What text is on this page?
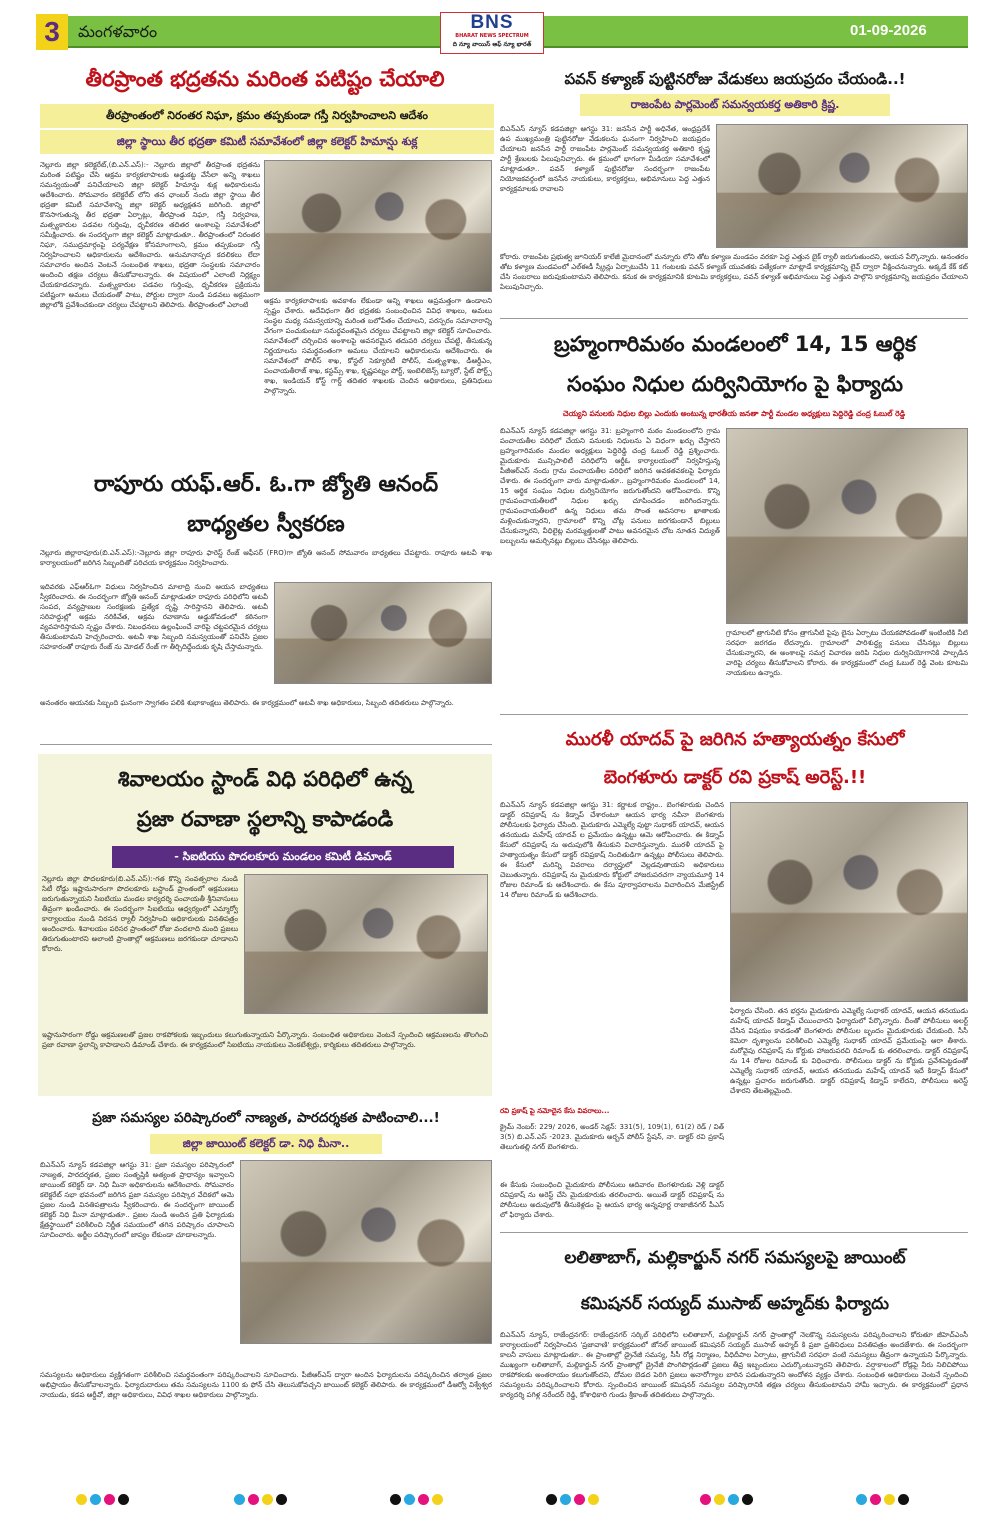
3	మంగళవారం	BNS
BHARAT NEWS SPECTRUM
ది న్యూ వాయిస్ ఆఫ్ న్యూ భారత్
01-09-2026
తీరప్రాంత భద్రతను మరింత పటిష్టం చేయాలి
తీరప్రాంతంలో నిరంతర నిఘా, క్రమం తప్పకుండా గస్తీ నిర్వహించాలని ఆదేశం
జిల్లా స్థాయి తీర భద్రతా కమిటీ సమావేశంలో జిల్లా కలెక్టర్ హిమాన్షు శుక్ల
నెల్లూరు జిల్లా కలెక్టరేట్,(బి.ఎన్.ఎస్):- నెల్లూరు జిల్లాలో తీరప్రాంత భద్రతను మరింత పటిష్టం చేసి అక్రమ కార్యకలాపాలకు అడ్డుకట్ట వేసేలా అన్ని శాఖలు సమన్వయంతో పనిచేయాలని జిల్లా కలెక్టర్ హిమాన్షు శుక్ల అధికారులను ఆదేశించారు. సోమవారం కలెక్టరేట్ లోని తన ఛాంబర్ నందు జిల్లా స్థాయి తీర భద్రతా కమిటీ సమావేశాన్ని జిల్లా కలెక్టర్ అధ్యక్షతన జరిగింది. జిల్లాలో కొనసాగుతున్న తీర భద్రతా ఏర్పాట్లు, తీరప్రాంత నిఘా, గస్తీ నిర్వహణ, మత్స్యకారుల పడవల గుర్తింపు, ధృవీకరణ తదితర అంశాలపై సమావేశంలో సమీక్షించారు. ఈ సందర్భంగా జిల్లా కలెక్టర్ మాట్లాడుతూ.. తీరప్రాంతంలో నిరంతర నిఘా, సముద్రమార్గంపై పర్యవేక్షణ కోసమాంగాలని, క్రమం తప్పకుండా గస్తీ నిర్వహించాలని అధికారులను ఆదేశించారు. అనుమానాస్పద కదలికలు లేదా సమాచారం అందిన వెంటనే సంబంధిత శాఖలు, భద్రతా సంస్థలకు సమాచారం అందించి తక్షణ చర్యలు తీసుకోవాలన్నారు. ఈ విషయంలో ఎలాంటి నిర్లక్ష్యం చేయకూడదన్నారు. మత్స్యకారుల పడవల గుర్తింపు, ధృవీకరణ ప్రక్రియను పటిష్టంగా అమలు చేయడంతో పాటు, పోర్టుల ద్వారా నుండి పడవలు అక్రమంగా జిల్లాలోకి ప్రవేశించకుండా చర్యలు చేపట్టాలని తెలిపారు. తీరప్రాంతంలో ఎలాంటి	అక్రమ కార్యకలాపాలకు అవకాశం లేకుండా అన్ని శాఖలు అప్రమత్తంగా ఉండాలని స్పష్టం చేశారు. అదేవిధంగా తీర భద్రతకు సంబంధించిన వివిధ శాఖలు, అమలు సంస్థల మధ్య సమన్వయాన్ని మరింత బలోపేతం చేయాలని, పరస్పరం సమాచారాన్ని వేగంగా పంచుకుంటూ సమర్థవంతమైన చర్యలు చేపట్టాలని జిల్లా కలెక్టర్ సూచించారు. సమావేశంలో చర్చించిన అంశాలపై అవసరమైన తదుపరి చర్యలు చేపట్టి, తీసుకున్న నిర్ణయాలను సమర్థవంతంగా అమలు చేయాలని అధికారులను ఆదేశించారు. ఈ సమావేశంలో పోలీస్ శాఖ, కోస్టల్ సెక్యూరిటీ పోలీస్, మత్స్యశాఖ, డీఆర్డీఎం, పంచాయతీరాజ్ శాఖ, కస్టమ్స్ శాఖ, కృష్ణపట్నం పోర్ట్, ఇంటెలిజెన్స్ బ్యూరో, స్టేట్ పోర్ట్స్ శాఖ, ఇండియన్ కోస్ట్ గార్డ్ తదితర శాఖలకు చెందిన అధికారులు, ప్రతినిధులు పాల్గొన్నారు.
పవన్ కళ్యాణ్ పుట్టినరోజు వేడుకలు జయప్రదం చేయండి..!
రాజంపేట పార్లమెంట్ సమన్వయకర్త అతికారి క్రిష్ణ.
బిఎన్ఎస్ న్యూస్ కడపజిల్లా ఆగస్టు 31: జనసేన పార్టీ అధినేత, ఆంధ్రప్రదేశ్ ఉప ముఖ్యమంత్రి పుట్టినరోజు వేడుకలను ఘనంగా నిర్వహించి జయప్రదం చేయాలని జనసేన పార్టీ రాజంపేట పార్లమెంట్ సమన్వయకర్త అతికారి కృష్ణ పార్టీ శ్రేణులకు పిలుపునిచ్చారు. ఈ క్రమంలో భాగంగా మీడియా సమావేశంలో మాట్లాడుతూ.. పవన్ కళ్యాణ్ పుట్టినరోజు సందర్భంగా రాజంపేట నియోజకవర్గంలో జనసేన నాయకులు, కార్యకర్తలు, అభిమానులు పెద్ద ఎత్తున కార్యక్రమాలకు రావాలని
కోరారు. రాజంపేట ప్రభుత్వ జూనియర్ కాలేజీ మైదానంలో మన్నూరు లోని తోట కళ్యాణ మండపం వరకూ పెద్ద ఎత్తున బైక్ ర్యాలీ జరుగుతుందని, ఆయన పేర్కొన్నారు. అనంతరం తోట కళ్యాణ మండపంలో ఎల్ఈడీ స్క్రీన్లు ఏర్పాటుచేసి 11 గంటలకు పవన్ కళ్యాణ్ యువతకు పత్యేకంగా మాట్లాడే కార్యక్రమాన్ని లైవ్ ద్వారా వీక్షించనున్నారు. అక్కడే కేక్ కట్ చేసి సంబరాలు జరుపుకుంటామని తెలిపారు. కనుక ఈ కార్యక్రమానికి కూటమి కార్యకర్తలు, పవన్ కళ్యాణ్ అభిమానులు పెద్ద ఎత్తున పాల్గొని కార్యక్రమాన్ని జయప్రదం చేయాలని పిలుపునిచ్చారు.
బ్రహ్మంగారిమఠం మండలంలో 14, 15 ఆర్థిక
సంఘం నిధుల దుర్వినియోగం పై ఫిర్యాదు
చెయ్యని పనులకు నిధుల బిల్లు ఎందుకు అంటున్న భారతీయ జనతా పార్టీ మండల అధ్యక్షులు పెద్దిరెడ్డి చంద్ర ఓబుల్ రెడ్డి
బిఎన్ఎస్ న్యూస్ కడపజిల్లా ఆగస్టు 31: బ్రహ్మంగారి మఠం మండలంలోని గ్రామ పంచాయతీల పరిధిలో చేయని పనులకు నిధులను ఏ విధంగా ఖర్చు చేస్తారని బ్రహ్మంగారిమఠం మండల అధ్యక్షులు పెద్దిరెడ్డి చంద్ర ఓబుల్ రెడ్డి ప్రశ్నించారు. మైదుకూరు మున్సిపాలిటీ పరిధిలోని ఆర్డీఓ కార్యాలయంలో నిర్వహిస్తున్న పీజీఆర్ఎస్ నందు గ్రామ పంచాయతీల పరిధిలో జరిగిన అవకతవకలపై ఫిర్యాదు చేశారు. ఈ సందర్భంగా వారు మాట్లాడుతూ.. బ్రహ్మంగారిమఠం మండలంలో 14, 15 ఆర్థిక సంఘం నిధుల దుర్వినియోగం జరుగుతోందని ఆరోపించారు. కొన్ని గ్రామపంచాయతీలలో నిధుల ఖర్చు చూపించడం జరిగిందన్నారు. గ్రామపంచాయతీలలో ఉన్న నిధులు తమ సొంత అవసరాల ఖాతాలకు మళ్లించుకున్నారని, గ్రామాలలో కొన్ని చోట్ల పనులు జరగకుండానే బిల్లులు చేసుకున్నారని, వీధిలైట్ల మరమ్మత్తులతో పాటు అవసరమైన చోట నూతన విద్యుత్ బల్బులను అమర్చినట్లు బిల్లులు చేసినట్లు తెలిపారు.
గ్రామాలలో త్రాగునీటి కోసం త్రాగునీటి పైపు లైను ఏర్పాటు చేయకపోవడంతో ఇంటింటికి నీటి సరఫరా జరగడం లేదన్నారు. గ్రామాలలో పారిశుద్ధ్య పనులు చేసినట్లు బిల్లులు చేసుకున్నారని, ఈ అంశాలపై సమగ్ర విచారణ జరిపి నిధుల దుర్వినియోగానికి పాల్పడిన వారిపై చర్యలు తీసుకోవాలని కోరారు. ఈ కార్యక్రమంలో చంద్ర ఓబుల్ రెడ్డి వెంట కూటమి నాయకులు ఉన్నారు.
రాపూరు యఫ్.ఆర్. ఓ.గా జ్యోతి ఆనంద్
బాధ్యతల స్వీకరణ
నెల్లూరు జిల్లారాపూరు(బి.ఎన్.ఎస్):-నెల్లూరు జిల్లా రాపూరు ఫారెస్ట్ రేంజ్ ఆఫీసర్ (FRO)గా జ్యోతి ఆనంద్ సోమవారం బాధ్యతలు చేపట్టారు. రాపూరు అటవీ శాఖ కార్యాలయంలో జరిగిన సిబ్బందితో పరిచయ కార్యక్రమం నిర్వహించారు.
ఇదివరకు ఎఫ్ఆర్ఓగా విధులు నిర్వహించిన మాలాద్రి నుంచి ఆయన బాధ్యతలు స్వీకరించారు. ఈ సందర్భంగా జ్యోతి ఆనంద్ మాట్లాడుతూ రాపూరు పరిధిలోని అటవీ సంపద, వన్యప్రాణుల సంరక్షణకు ప్రత్యేక దృష్టి సారిస్తానని తెలిపారు. అటవీ సరిహద్దుల్లో అక్రమ నరికివేత, అక్రమ రవాణాను అడ్డుకోవడంలో కఠినంగా వ్యవహరిస్తామని స్పష్టం చేశారు. నిబంధనలు ఉల్లంఘించే వారిపై చట్టపరమైన చర్యలు తీసుకుంటామని హెచ్చరించారు. అటవీ శాఖ సిబ్బంది సమన్వయంతో పనిచేసి ప్రజల సహకారంతో రాపూరు రేంజ్ ను మోడల్ రేంజ్ గా తీర్చిదిద్దేందుకు కృషి చేస్తామన్నారు.
అనంతరం ఆయనకు సిబ్బంది ఘనంగా స్వాగతం పలికి శుభాకాంక్షలు తెలిపారు. ఈ కార్యక్రమంలో అటవీ శాఖ అధికారులు, సిబ్బంది తదితరులు పాల్గొన్నారు.
శివాలయం స్టాండ్ విధి పరిధిలో ఉన్న
ప్రజా రవాణా స్థలాన్ని కాపాడండి
- సిఐటియు పొదలకూరు మండలం కమిటీ డిమాండ్
నెల్లూరు జిల్లా పొదలకూరు(బి.ఎన్.ఎస్):-గత కొన్ని సంవత్సరాల నుండి సిటీ రోడ్డు ఇష్టానుసారంగా పొదలకూరు బస్టాండ్ ప్రాంతంలో ఆక్రమణలు జరుగుతున్నాయని సిఐటియు మండల కార్యదర్శి పంచాయతీ శ్రీనివాసులు తీవ్రంగా ఖండించారు. ఈ సందర్భంగా సిఐటియు ఆధ్వర్యంలో ఎమ్మార్వో కార్యాలయం నుండి నిరసన ర్యాలీ నిర్వహించి అధికారులకు వినతిపత్రం అందించారు. శివాలయం పరిసర ప్రాంతంలో రోజు వందలాది మంది ప్రజలు తిరుగుతుంటారని అలాంటి ప్రాంతాల్లో ఆక్రమణలు జరగకుండా చూడాలని కోరారు.
ఇష్టానుసారంగా రోడ్డు ఆక్రమణలతో ప్రజల రాకపోకలకు ఇబ్బందులు కలుగుతున్నాయని పేర్కొన్నారు. సంబంధిత అధికారులు వెంటనే స్పందించి ఆక్రమణలను తొలగించి ప్రజా రవాణా స్థలాన్ని కాపాడాలని డిమాండ్ చేశారు. ఈ కార్యక్రమంలో సిఐటియు నాయకులు వెంకటేశ్వర్లు, కార్మికులు తదితరులు పాల్గొన్నారు.
మురళీ యాదవ్ పై జరిగిన హత్యాయత్నం కేసులో
బెంగళూరు డాక్టర్ రవి ప్రకాష్ అరెస్ట్.!!
బిఎన్ఎస్ న్యూస్ కడపజిల్లా ఆగస్టు 31: కర్ణాటక రాష్ట్రం.. బెంగళూరుకు చెందిన డాక్టర్ రవిప్రకాష్ ను కిడ్నాప్ చేశారంటూ ఆయన భార్య నవీనా బెంగళూరు పోలీసులకు ఫిర్యాదు చేసింది. మైదుకూరు ఎమ్మెల్యే పుట్టా సుధాకర్ యాదవ్, ఆయన తనయుడు మహేష్ యాదవ్ ల ప్రమేయం ఉన్నట్టు ఆమె ఆరోపించారు. ఈ కిడ్నాప్ కేసులో రవిప్రకాష్ ను అదుపులోకి తీసుకుని విచారిస్తున్నారు. మురళీ యాదవ్ పై హత్యాయత్నం కేసులో డాక్టర్ రవిప్రకాష్ నిందితుడిగా ఉన్నట్లు పోలీసులు తెలిపారు. ఈ కేసులో మరిన్ని వివరాలు దర్యాప్తులో వెల్లడవుతాయని అధికారులు చెబుతున్నారు. రవిప్రకాష్ ను మైదుకూరు కోర్టులో హాజరుపరచగా న్యాయమూర్తి 14 రోజుల రిమాండ్ కు ఆదేశించారు. ఈ కేసు పూర్వాపరాలను విచారించిన మేజిస్ట్రేట్ 14 రోజుల రిమాండ్ కు ఆదేశించారు.
ఫిర్యాదు చేసింది. తన భర్తను మైదుకూరు ఎమ్మెల్యే సుధాకర్ యాదవ్, ఆయన తనయుడు మహేష్ యాదవ్ కిడ్నాప్ చేయించారని ఫిర్యాదులో పేర్కొన్నారు. దీంతో పోలీసులు అలర్ట్ చేసిన విషయం కావడంతో బెంగళూరు పోలీసుల బృందం మైదుకూరుకు చేరుకుంది. సీసీ కెమెరా దృశ్యాలను పరిశీలించి ఎమ్మెల్యే సుధాకర్ యాదవ్ ప్రమేయంపై ఆరా తీశారు. మరోవైపు రవిప్రకాష్ ను కోర్టుకు హాజరుపరచి రిమాండ్ కు తరలించారు. డాక్టర్ రవిప్రకాష్ ను 14 రోజుల రిమాండ్ కు విధించారు. పోలీసులు డాక్టర్ ను కోర్టుకు ప్రవేశపెట్టడంతో ఎమ్మెల్యే సుధాకర్ యాదవ్, ఆయన తనయుడు మహేష్ యాదవ్ ఇదే కిడ్నాప్ కేసులో ఉన్నట్లు ప్రచారం జరుగుతోంది. డాక్టర్ రవిప్రకాష్ కిడ్నాప్ కాలేదని, పోలీసులు అరెస్ట్ చేశారని తేటతెల్లమైంది.
రవి ప్రకాష్ పై నమోదైన కేసు వివరాలు...
క్రైమ్ నెంబర్: 229/ 2026, అండర్ సెక్షన్: 331(5), 109(1), 61(2) రెడ్ / విత్ 3(5) బి.ఎన్.ఎస్ -2023. మైదుకూరు అర్బన్ పోలీస్ స్టేషన్, నా. డాక్టర్ రవి ప్రకాష్ తెలుగుతల్లి నగర్ బెంగళూరు.
ఈ కేసుకు సంబంధించి మైదుకూరు పోలీసులు ఆదివారం బెంగళూరుకు వెళ్లి డాక్టర్ రవిప్రకాష్ ను అరెస్ట్ చేసి మైదుకూరుకు తరలించారు. అయితే డాక్టర్ రవిప్రకాష్ ను పోలీసులు అదుపులోకి తీసుకెళ్లడం పై ఆయన భార్య అన్నపూర్ణ రాజాజీనగర్ పీఎస్ లో ఫిర్యాదు చేశారు.
ప్రజా సమస్యల పరిష్కారంలో నాణ్యత, పారదర్శకత పాటించాలి...!
జిల్లా జాయింట్ కలెక్టర్ డా. నిధి మీనా..
బిఎన్ఎస్ న్యూస్ కడపజిల్లా ఆగస్టు 31: ప్రజా సమస్యల పరిష్కారంలో నాణ్యత, పారదర్శకత, ప్రజల సంతృప్తికి అత్యంత ప్రాధాన్యం ఇవ్వాలని జాయింట్ కలెక్టర్ డా. నిధి మీనా అధికారులను ఆదేశించారు. సోమవారం కలెక్టరేట్ సభా భవనంలో జరిగిన ప్రజా సమస్యల పరిష్కార వేదికలో ఆమె ప్రజల నుండి వినతిపత్రాలను స్వీకరించారు. ఈ సందర్భంగా జాయింట్ కలెక్టర్ నిధి మీనా మాట్లాడుతూ.. ప్రజల నుండి అందిన ప్రతి ఫిర్యాదుకు క్షేత్రస్థాయిలో పరిశీలించి నిర్ణీత సమయంలో తగిన పరిష్కారం చూపాలని సూచించారు. అర్జీల పరిష్కారంలో జాప్యం లేకుండా చూడాలన్నారు.
సమస్యలను అధికారులు వ్యక్తిగతంగా పరిశీలించి సమర్థవంతంగా పరిష్కరించాలని సూచించారు. పీజీఆర్ఎస్ ద్వారా అందిన ఫిర్యాదులను పరిష్కరించిన తర్వాత ప్రజల అభిప్రాయం తీసుకోవాలన్నారు. ఫిర్యాదుదారులు తమ సమస్యలను 1100 కు ఫోన్ చేసి తెలుసుకోవచ్చని జాయింట్ కలెక్టర్ తెలిపారు. ఈ కార్యక్రమంలో డీఆర్వో విశ్వేశ్వర నాయుడు, కడప ఆర్డీవో, జిల్లా అధికారులు, వివిధ శాఖల అధికారులు పాల్గొన్నారు.
లలితాబాగ్, మల్లికార్జున్ నగర్ సమస్యలపై జాయింట్
కమిషనర్ సయ్యద్ ముసాబ్ అహ్మద్‌కు ఫిర్యాదు
బిఎన్ఎస్ న్యూస్, రాజేంద్రనగర్: రాజేంద్రనగర్ సర్కిల్ పరిధిలోని లలితాబాగ్, మల్లికార్జున్ నగర్ ప్రాంతాల్లో నెలకొన్న సమస్యలను పరిష్కరించాలని కోరుతూ జీహెచ్ఎంసీ కార్యాలయంలో నిర్వహించిన 'ప్రజావాణి' కార్యక్రమంలో జోనల్ జాయింట్ కమిషనర్ సయ్యద్ ముసాబ్ అహ్మద్ కి ప్రజా ప్రతినిధులు వినతిపత్రం అందజేశారు. ఈ సందర్భంగా కాలనీ వాసులు మాట్లాడుతూ.. ఈ ప్రాంతాల్లో డ్రైనేజీ సమస్య, సీసీ రోడ్ల నిర్మాణం, వీధిదీపాల ఏర్పాటు, త్రాగునీటి సరఫరా వంటి సమస్యలు తీవ్రంగా ఉన్నాయని పేర్కొన్నారు. ముఖ్యంగా లలితాబాగ్, మల్లికార్జున్ నగర్ ప్రాంతాల్లో డ్రైనేజీ పొంగిపొర్లడంతో ప్రజలు తీవ్ర ఇబ్బందులు ఎదుర్కొంటున్నారని తెలిపారు. వర్షాకాలంలో రోడ్లపై నీరు నిలిచిపోయి రాకపోకలకు అంతరాయం కలుగుతోందని, దోమల బెడద పెరిగి ప్రజలు అనారోగ్యాల బారిన పడుతున్నారని ఆందోళన వ్యక్తం చేశారు. సంబంధిత అధికారులు వెంటనే స్పందించి సమస్యలను పరిష్కరించాలని కోరారు. స్పందించిన జాయింట్ కమిషనర్ సమస్యల పరిష్కారానికి తక్షణ చర్యలు తీసుకుంటామని హామీ ఇచ్చారు. ఈ కార్యక్రమంలో ప్రధాన కార్యదర్శి పగిళ్ల నరేందర్ రెడ్డి, కోశాధికారి గుండు శ్రీకాంత్ తదితరులు పాల్గొన్నారు.
